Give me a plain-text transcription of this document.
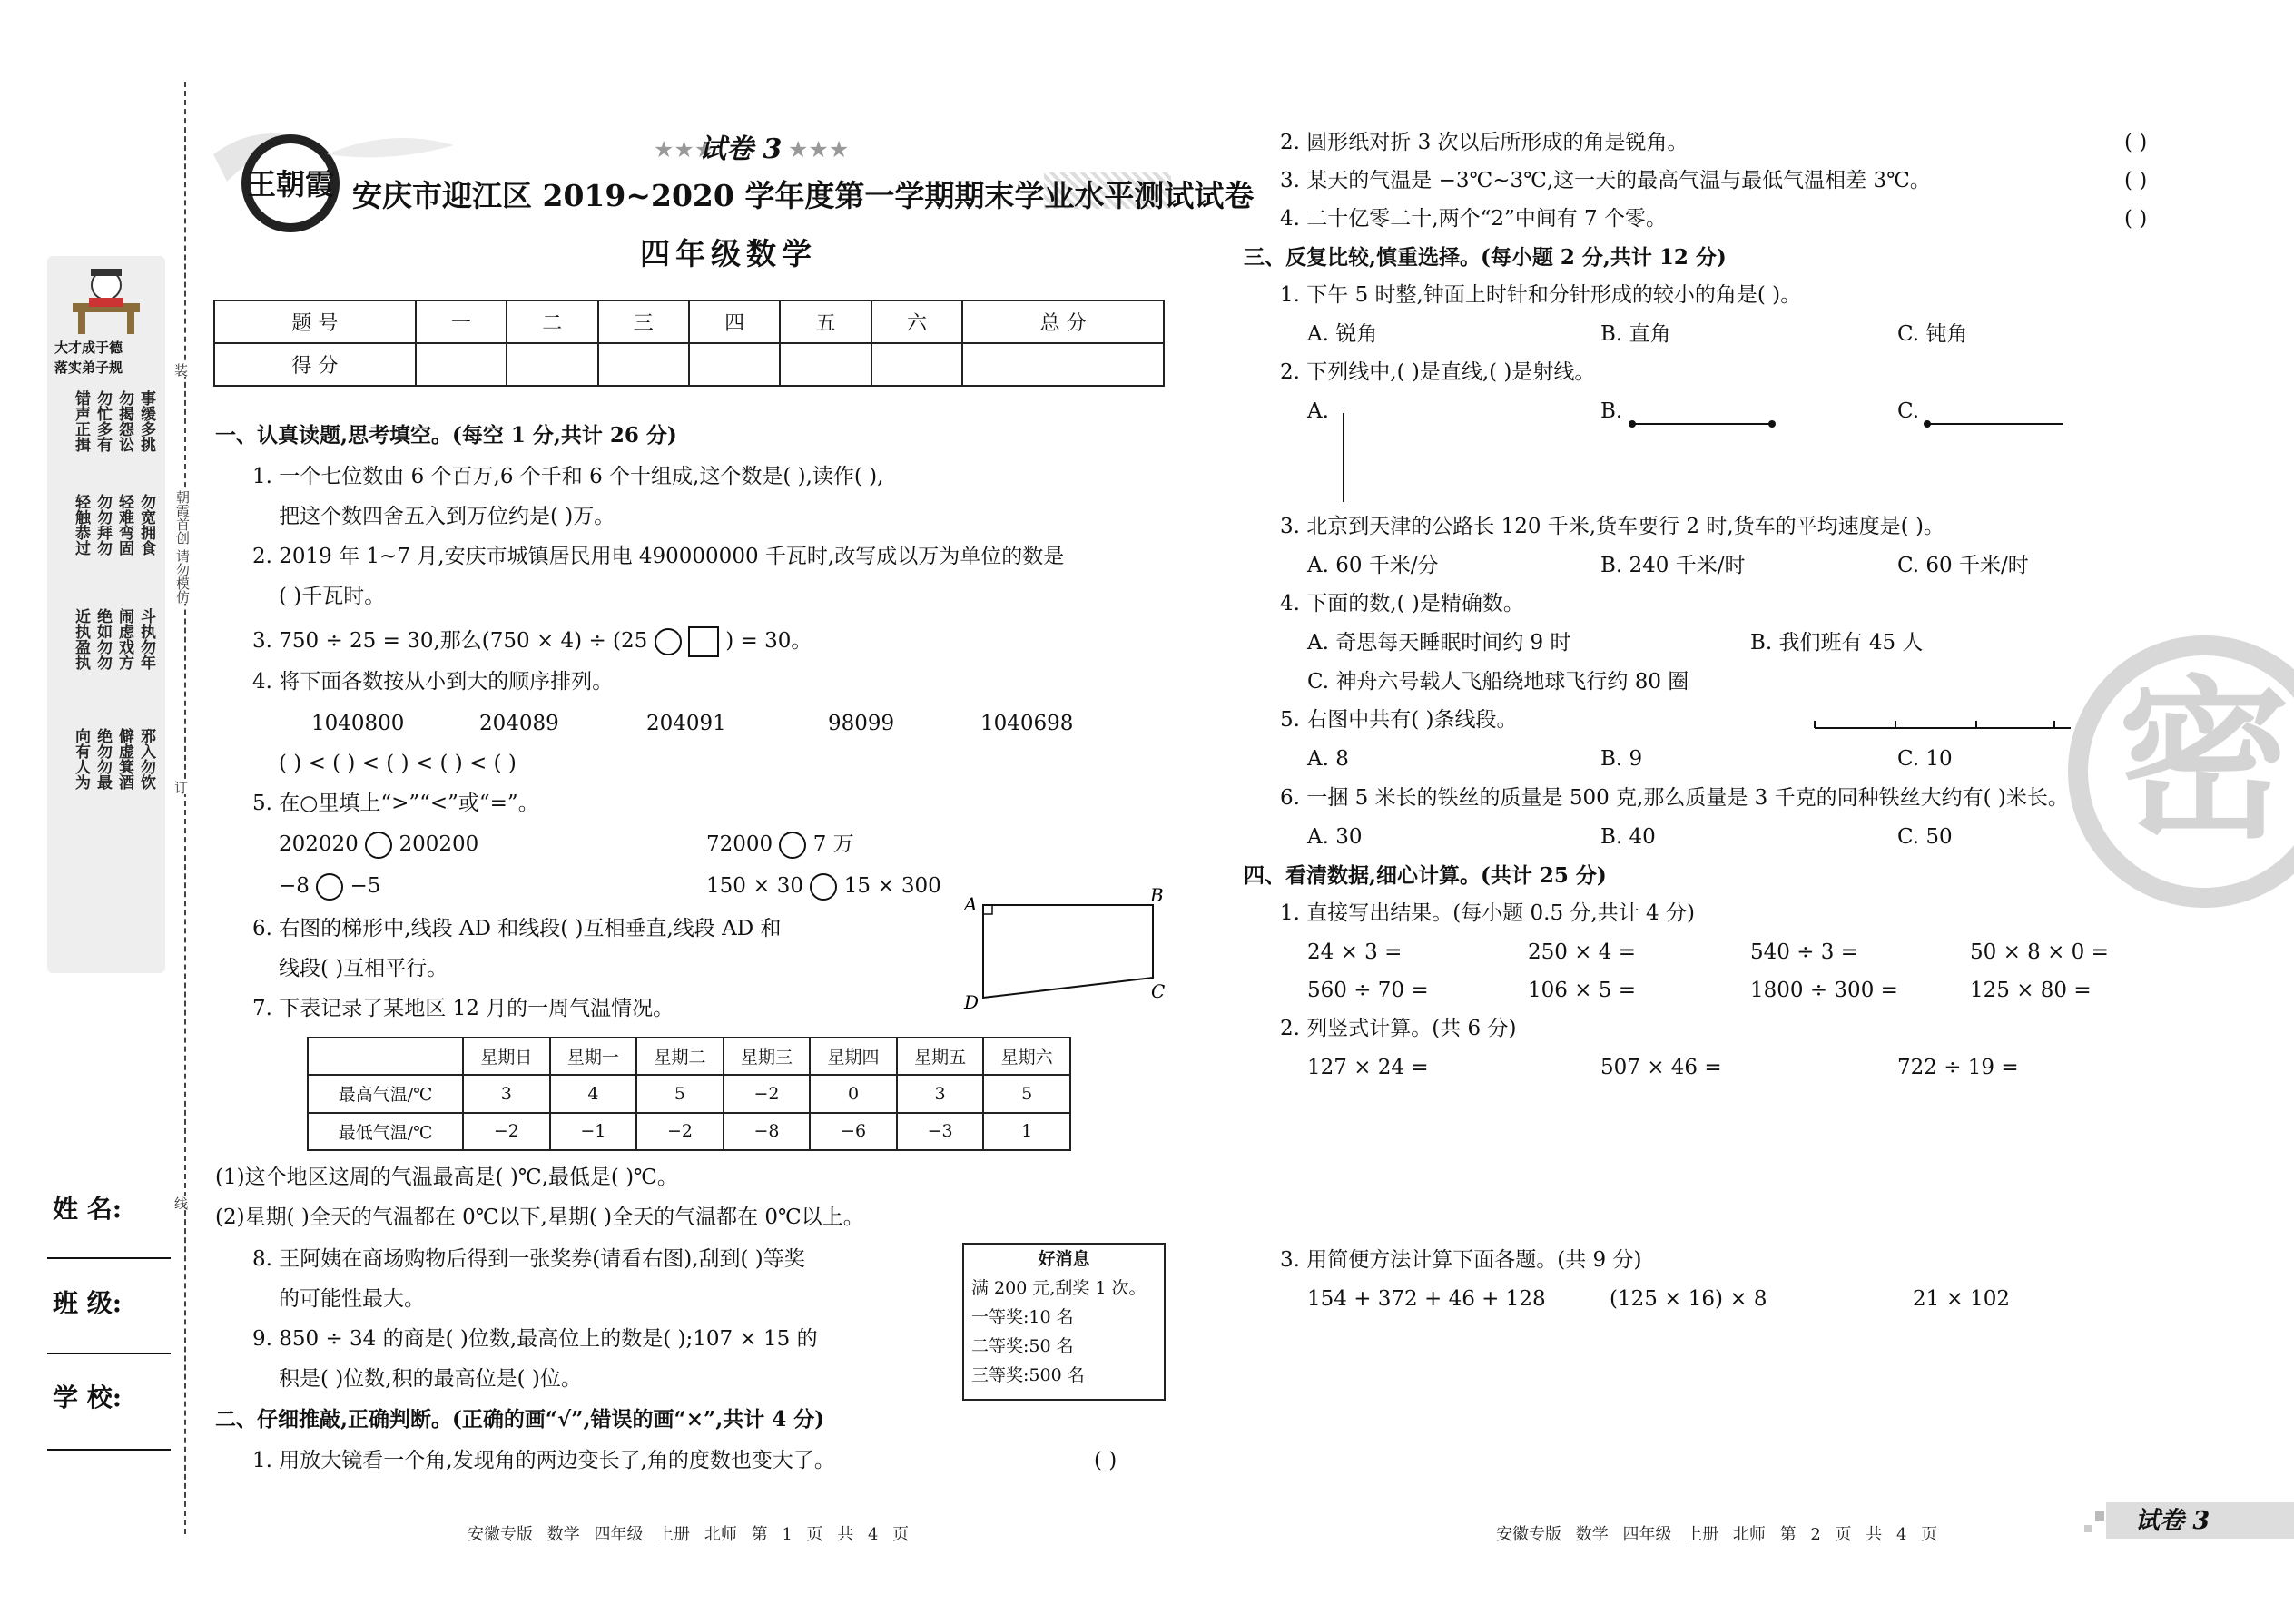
装
订
线
朝霞首创 请勿模仿
大才成于德
落实弟子规
事缓多挑
勿揭怨讼
勿忙多有
错声正揖
勿宽拥食
轻难弯固
勿勿拜勿
轻触恭过
斗执勿年
闹虑戏方
绝如勿勿
近执盈执
邪入勿饮
僻虚箕酒
绝勿勿最
向有人为
姓 名:
班 级:
学 校:
王朝霞
★★★
试卷 3 ★★★
安庆市迎江区 2019~2020 学年度第一学期期末学业水平测试试卷
四年级数学
题 号	一	二	三	四	五	六	总 分
得 分							
一、认真读题,思考填空。(每空 1 分,共计 26 分)
1. 一个七位数由 6 个百万,6 个千和 6 个十组成,这个数是( ),读作( ),
把这个数四舍五入到万位约是( )万。
2. 2019 年 1~7 月,安庆市城镇居民用电 490000000 千瓦时,改写成以万为单位的数是
( )千瓦时。
3. 750 ÷ 25 = 30,那么(750 × 4) ÷ (25	) = 30。
4. 将下面各数按从小到大的顺序排列。
1040800	204089	204091	98099	1040698
( ) < ( ) < ( ) < ( ) < ( )
5. 在○里填上“>”“<”或“=”。
202020 200200	72000 7 万
−8 −5	150 × 30 15 × 300
6. 右图的梯形中,线段 AD 和线段( )互相垂直,线段 AD 和
线段( )互相平行。
A	B
C
D
7. 下表记录了某地区 12 月的一周气温情况。
	星期日	星期一	星期二	星期三	星期四	星期五	星期六
最高气温/℃	3	4	5	−2	0	3	5
最低气温/℃	−2	−1	−2	−8	−6	−3	1
(1)这个地区这周的气温最高是( )℃,最低是( )℃。
(2)星期( )全天的气温都在 0℃以下,星期( )全天的气温都在 0℃以上。
8. 王阿姨在商场购物后得到一张奖券(请看右图),刮到( )等奖
的可能性最大。
好消息
满 200 元,刮奖 1 次。
一等奖:10 名
二等奖:50 名
三等奖:500 名
9. 850 ÷ 34 的商是( )位数,最高位上的数是( );107 × 15 的
积是( )位数,积的最高位是( )位。
二、仔细推敲,正确判断。(正确的画“√”,错误的画“×”,共计 4 分)
1. 用放大镜看一个角,发现角的两边变长了,角的度数也变大了。	( )
安徽专版 数学 四年级 上册 北师 第 1 页 共 4 页
2. 圆形纸对折 3 次以后所形成的角是锐角。	( )
3. 某天的气温是 −3℃~3℃,这一天的最高气温与最低气温相差 3℃。	( )
4. 二十亿零二十,两个“2”中间有 7 个零。	( )
三、反复比较,慎重选择。(每小题 2 分,共计 12 分)
1. 下午 5 时整,钟面上时针和分针形成的较小的角是( )。
A. 锐角	B. 直角	C. 钝角
2. 下列线中,( )是直线,( )是射线。
A.	B.	C.
3. 北京到天津的公路长 120 千米,货车要行 2 时,货车的平均速度是( )。
A. 60 千米/分	B. 240 千米/时	C. 60 千米/时
4. 下面的数,( )是精确数。
A. 奇思每天睡眠时间约 9 时	B. 我们班有 45 人
C. 神舟六号载人飞船绕地球飞行约 80 圈
5. 右图中共有( )条线段。
A. 8	B. 9	C. 10
6. 一捆 5 米长的铁丝的质量是 500 克,那么质量是 3 千克的同种铁丝大约有( )米长。
A. 30	B. 40	C. 50
四、看清数据,细心计算。(共计 25 分)
1. 直接写出结果。(每小题 0.5 分,共计 4 分)
24 × 3 =	250 × 4 =	540 ÷ 3 =	50 × 8 × 0 =
560 ÷ 70 =	106 × 5 =	1800 ÷ 300 =	125 × 80 =
2. 列竖式计算。(共 6 分)
127 × 24 =	507 × 46 =	722 ÷ 19 =
3. 用简便方法计算下面各题。(共 9 分)
154 + 372 + 46 + 128	(125 × 16) × 8	21 × 102
密
安徽专版 数学 四年级 上册 北师 第 2 页 共 4 页	试卷 3
